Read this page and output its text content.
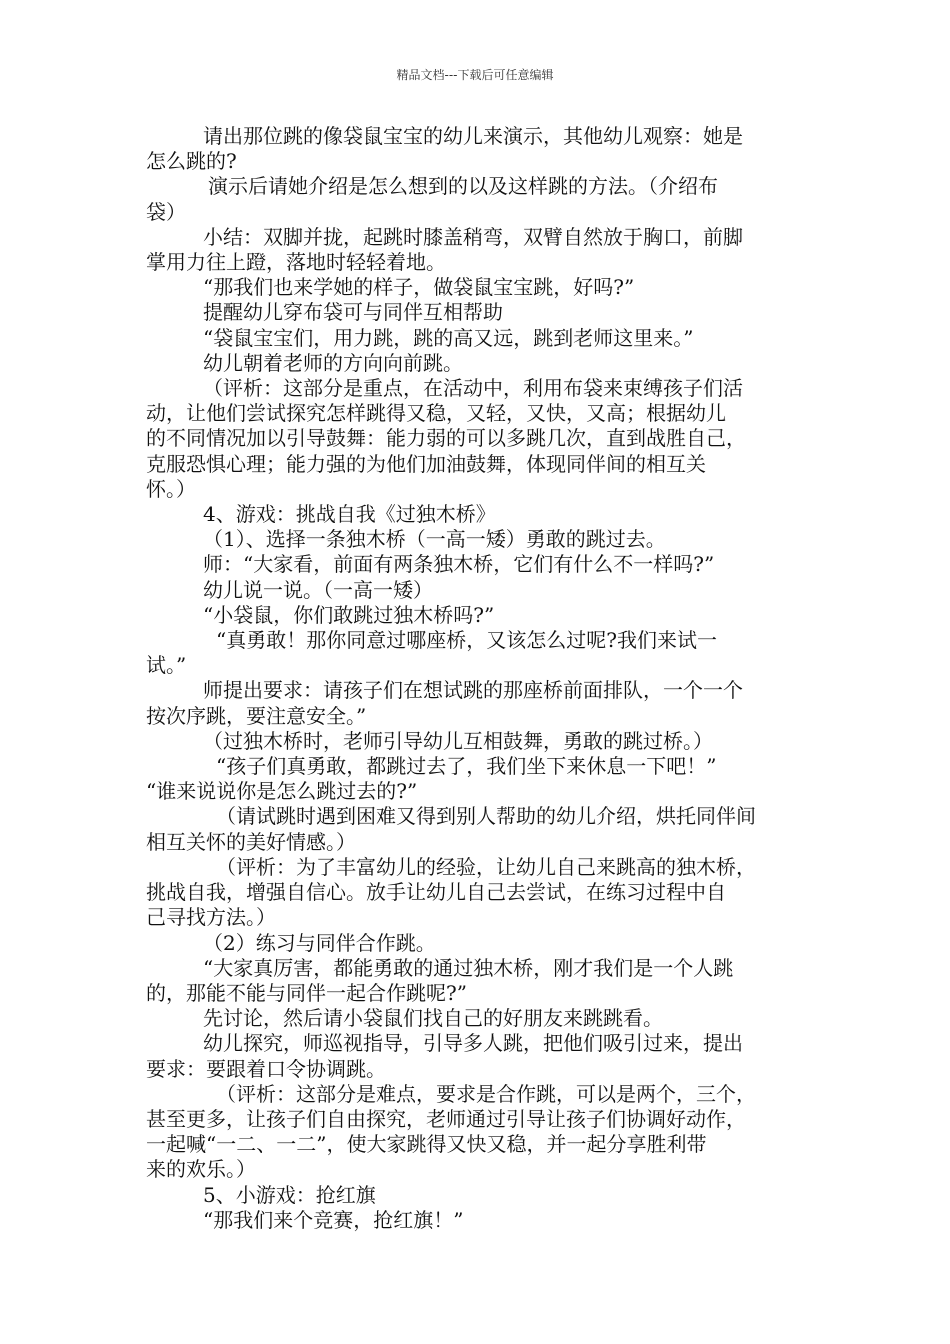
精品文档---下载后可任意编辑

请出那位跳的像袋鼠宝宝的幼儿来演示，其他幼儿观察：她是

怎么跳的?

演示后请她介绍是怎么想到的以及这样跳的方法。（介绍布

袋）

小结：双脚并拢，起跳时膝盖稍弯，双臂自然放于胸口，前脚

掌用力往上蹬，落地时轻轻着地。

“那我们也来学她的样子，做袋鼠宝宝跳，好吗?”

提醒幼儿穿布袋可与同伴互相帮助

“袋鼠宝宝们，用力跳，跳的高又远，跳到老师这里来。”

幼儿朝着老师的方向向前跳。

（评析：这部分是重点，在活动中，利用布袋来束缚孩子们活

动，让他们尝试探究怎样跳得又稳，又轻，又快，又高；根据幼儿

的不同情况加以引导鼓舞：能力弱的可以多跳几次，直到战胜自己，

克服恐惧心理；能力强的为他们加油鼓舞，体现同伴间的相互关

怀。）

4、游戏：挑战自我《过独木桥》

（1）、选择一条独木桥（一高一矮）勇敢的跳过去。

师：“大家看，前面有两条独木桥，它们有什么不一样吗?”

幼儿说一说。（一高一矮）

“小袋鼠，你们敢跳过独木桥吗?”

“真勇敢！那你同意过哪座桥，又该怎么过呢?我们来试一

试。”

师提出要求：请孩子们在想试跳的那座桥前面排队，一个一个

按次序跳，要注意安全。”

（过独木桥时，老师引导幼儿互相鼓舞，勇敢的跳过桥。）

“孩子们真勇敢，都跳过去了，我们坐下来休息一下吧！”

“谁来说说你是怎么跳过去的?”

（请试跳时遇到困难又得到别人帮助的幼儿介绍，烘托同伴间

相互关怀的美好情感。）

（评析：为了丰富幼儿的经验，让幼儿自己来跳高的独木桥，

挑战自我，增强自信心。放手让幼儿自己去尝试，在练习过程中自

己寻找方法。）

（2）练习与同伴合作跳。

“大家真厉害，都能勇敢的通过独木桥，刚才我们是一个人跳

的，那能不能与同伴一起合作跳呢?”

先讨论，然后请小袋鼠们找自己的好朋友来跳跳看。

幼儿探究，师巡视指导，引导多人跳，把他们吸引过来，提出

要求：要跟着口令协调跳。

（评析：这部分是难点，要求是合作跳，可以是两个，三个，

甚至更多，让孩子们自由探究，老师通过引导让孩子们协调好动作，

一起喊“一二、一二”，使大家跳得又快又稳，并一起分享胜利带

来的欢乐。）

5、小游戏：抢红旗

“那我们来个竞赛，抢红旗！”
